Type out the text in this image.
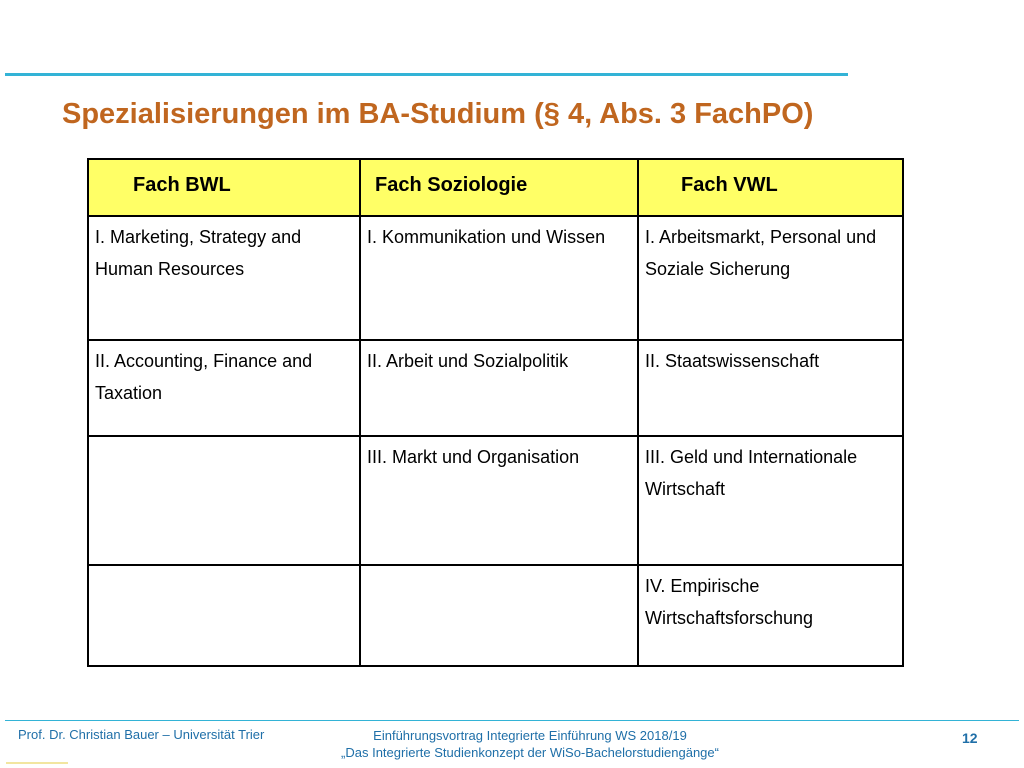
Spezialisierungen im BA-Studium (§ 4, Abs. 3 FachPO)
Fach BWL	Fach Soziologie	Fach VWL

I. Marketing, Strategy and Human Resources	I. Kommunikation und Wissen	I. Arbeitsmarkt, Personal und Soziale Sicherung
II. Accounting, Finance and Taxation	II. Arbeit und Sozialpolitik	II. Staatswissenschaft
	III. Markt und Organisation	III. Geld und Internationale Wirtschaft
		IV. Empirische Wirtschaftsforschung
Prof. Dr. Christian Bauer – Universität Trier	Einführungsvortrag Integrierte Einführung WS 2018/19
„Das Integrierte Studienkonzept der WiSo-Bachelorstudiengänge“
12
